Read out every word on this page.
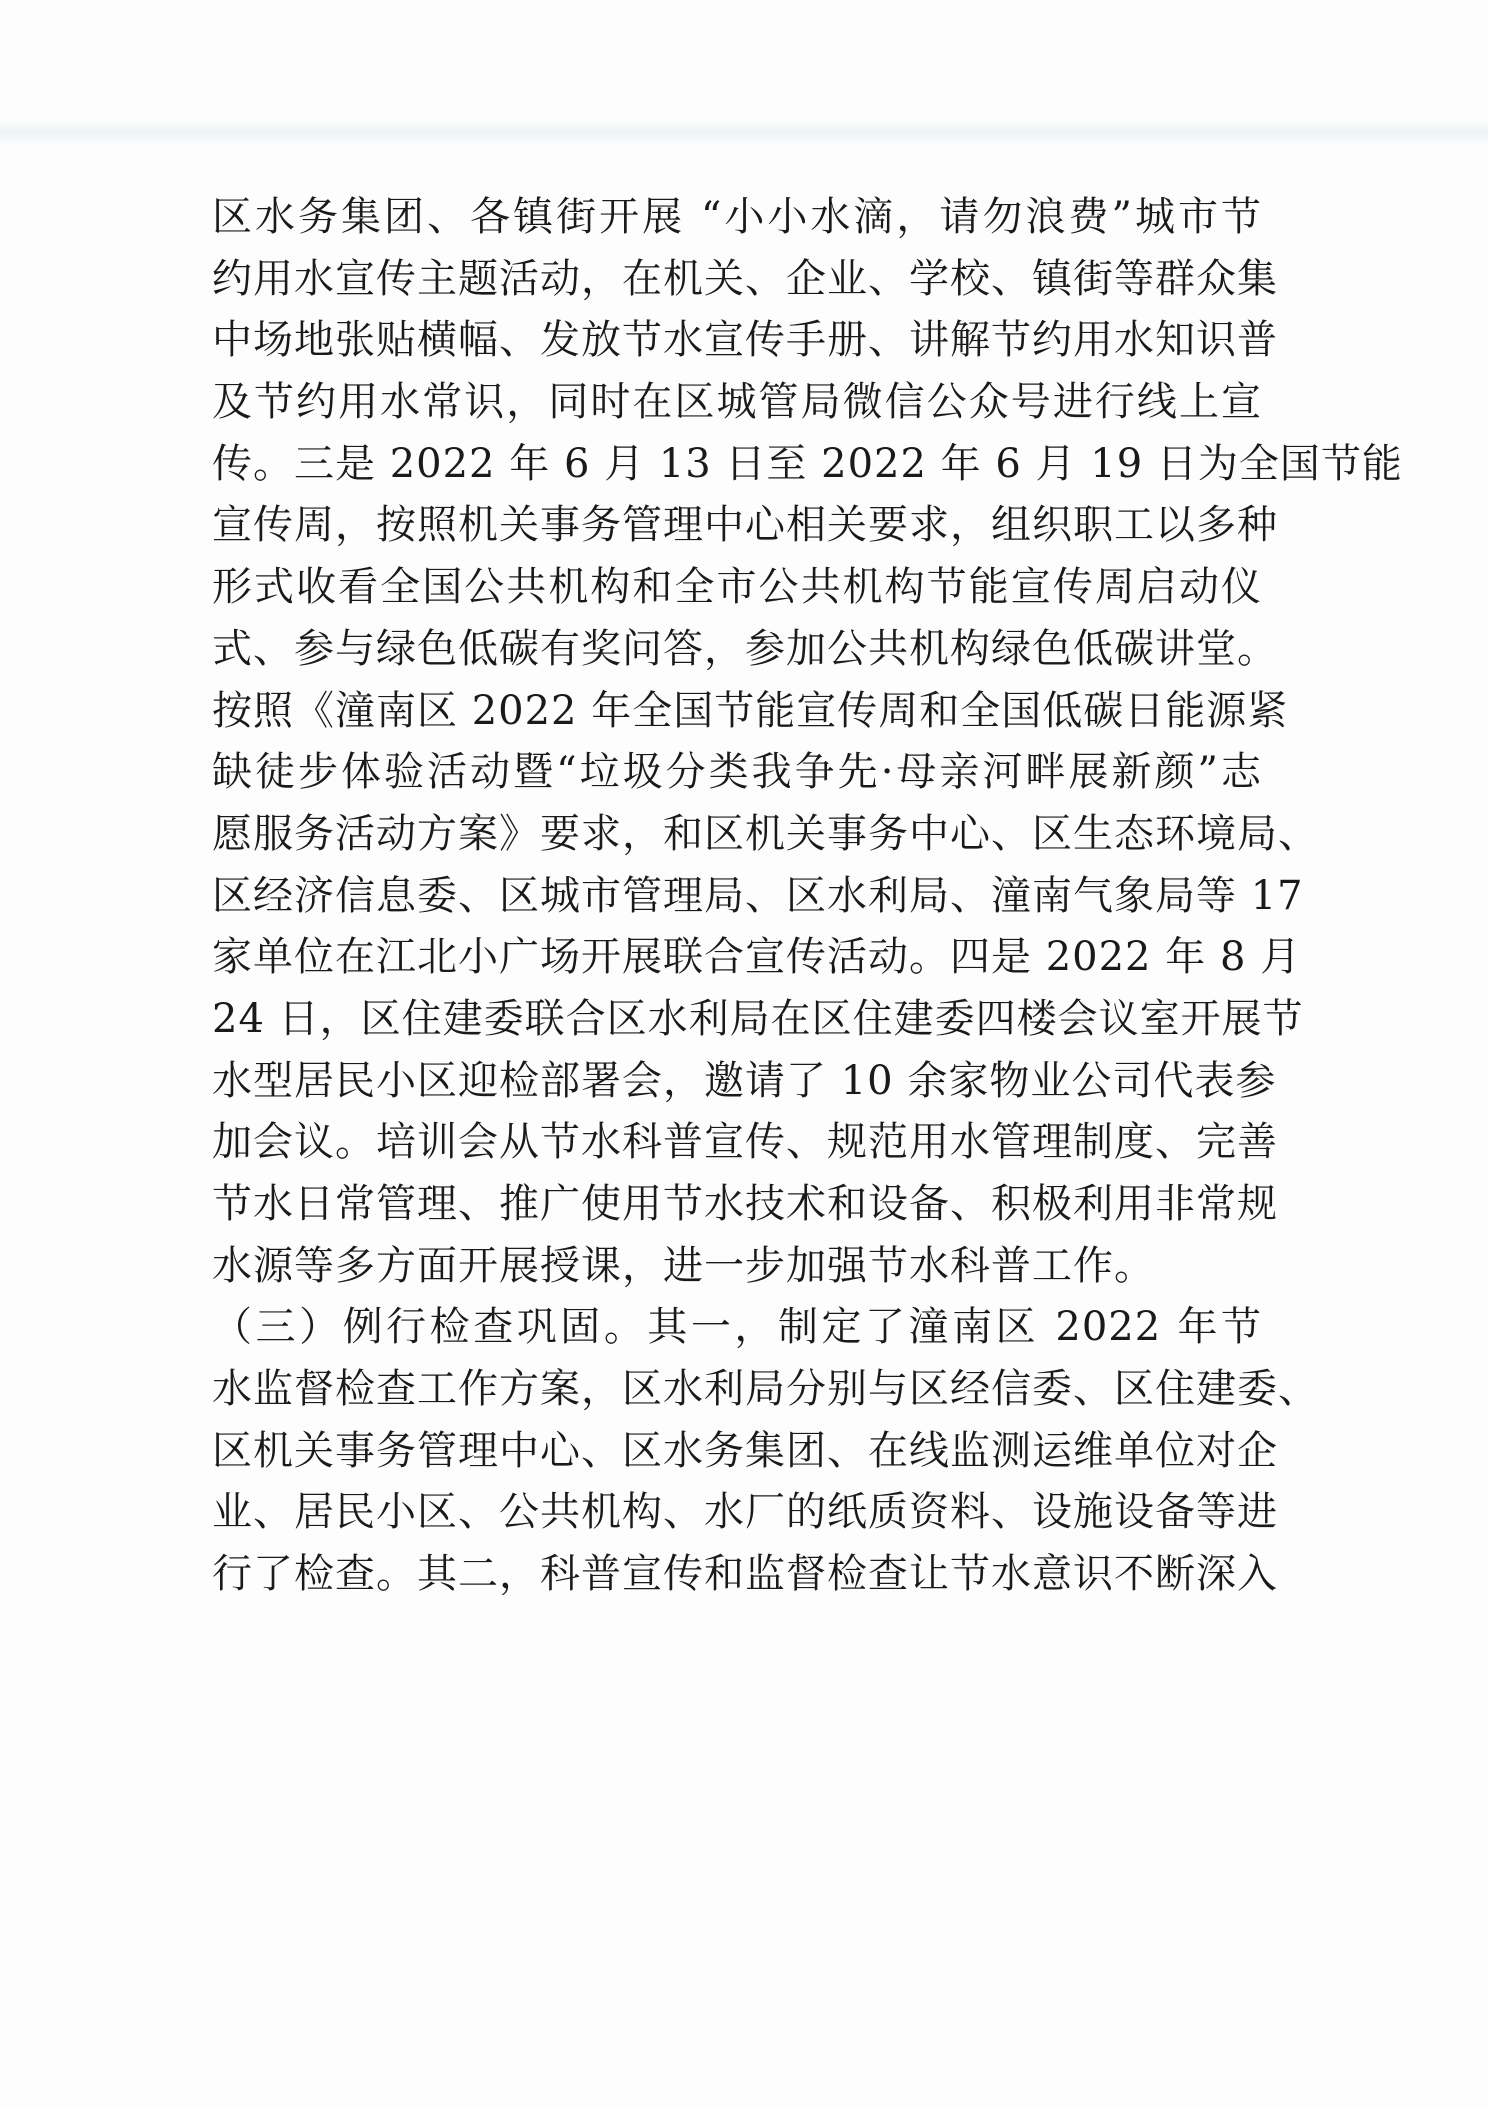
区水务集团、各镇街开展 “小小水滴，请勿浪费”城市节
约用水宣传主题活动，在机关、企业、学校、镇街等群众集
中场地张贴横幅、发放节水宣传手册、讲解节约用水知识普
及节约用水常识，同时在区城管局微信公众号进行线上宣
传。三是 2022 年 6 月 13 日至 2022 年 6 月 19 日为全国节能
宣传周，按照机关事务管理中心相关要求，组织职工以多种
形式收看全国公共机构和全市公共机构节能宣传周启动仪
式、参与绿色低碳有奖问答，参加公共机构绿色低碳讲堂。
按照《潼南区 2022 年全国节能宣传周和全国低碳日能源紧
缺徒步体验活动暨“垃圾分类我争先·母亲河畔展新颜”志
愿服务活动方案》要求，和区机关事务中心、区生态环境局、
区经济信息委、区城市管理局、区水利局、潼南气象局等 17
家单位在江北小广场开展联合宣传活动。四是 2022 年 8 月
24 日，区住建委联合区水利局在区住建委四楼会议室开展节
水型居民小区迎检部署会，邀请了 10 余家物业公司代表参
加会议。培训会从节水科普宣传、规范用水管理制度、完善
节水日常管理、推广使用节水技术和设备、积极利用非常规
水源等多方面开展授课，进一步加强节水科普工作。
（三）例行检查巩固。其一，制定了潼南区 2022 年节
水监督检查工作方案，区水利局分别与区经信委、区住建委、
区机关事务管理中心、区水务集团、在线监测运维单位对企
业、居民小区、公共机构、水厂的纸质资料、设施设备等进
行了检查。其二，科普宣传和监督检查让节水意识不断深入
